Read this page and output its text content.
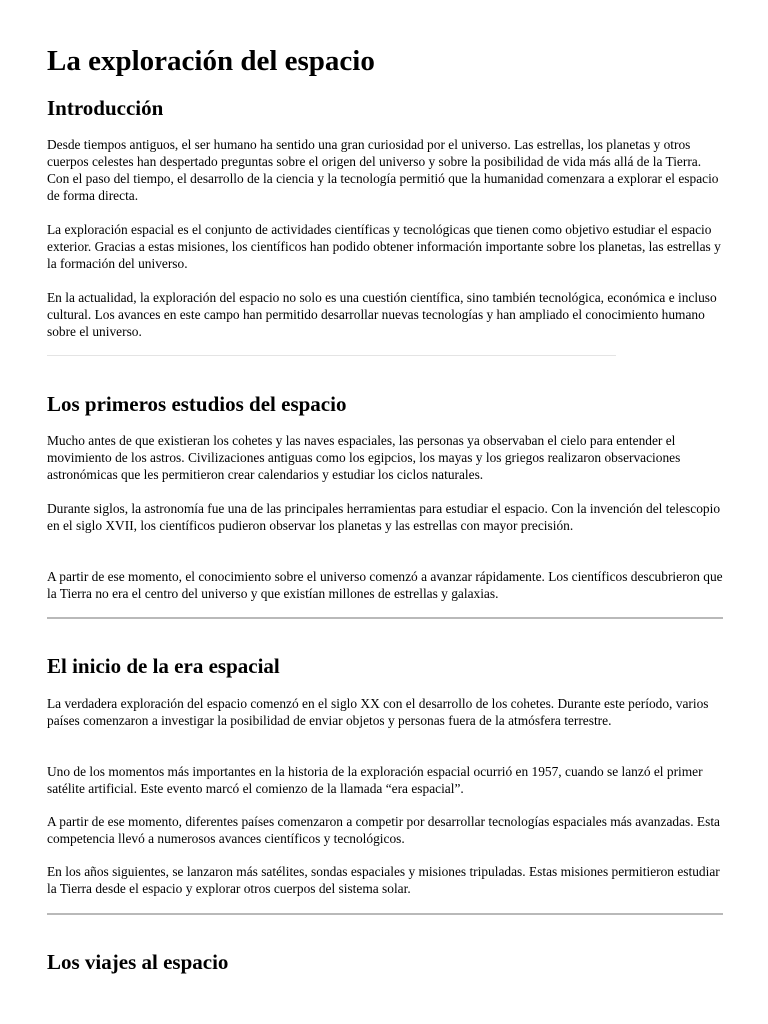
La exploración del espacio
Introducción

Desde tiempos antiguos, el ser humano ha sentido una gran curiosidad por el universo. Las estrellas, los planetas y otros cuerpos celestes han despertado preguntas sobre el origen del universo y sobre la posibilidad de vida más allá de la Tierra. Con el paso del tiempo, el desarrollo de la ciencia y la tecnología permitió que la humanidad comenzara a explorar el espacio de forma directa.

La exploración espacial es el conjunto de actividades científicas y tecnológicas que tienen como objetivo estudiar el espacio exterior. Gracias a estas misiones, los científicos han podido obtener información importante sobre los planetas, las estrellas y la formación del universo.

En la actualidad, la exploración del espacio no solo es una cuestión científica, sino también tecnológica, económica e incluso cultural. Los avances en este campo han permitido desarrollar nuevas tecnologías y han ampliado el conocimiento humano sobre el universo.

Los primeros estudios del espacio

Mucho antes de que existieran los cohetes y las naves espaciales, las personas ya observaban el cielo para entender el movimiento de los astros. Civilizaciones antiguas como los egipcios, los mayas y los griegos realizaron observaciones astronómicas que les permitieron crear calendarios y estudiar los ciclos naturales.

Durante siglos, la astronomía fue una de las principales herramientas para estudiar el espacio. Con la invención del telescopio en el siglo XVII, los científicos pudieron observar los planetas y las estrellas con mayor precisión.

A partir de ese momento, el conocimiento sobre el universo comenzó a avanzar rápidamente. Los científicos descubrieron que la Tierra no era el centro del universo y que existían millones de estrellas y galaxias.

El inicio de la era espacial

La verdadera exploración del espacio comenzó en el siglo XX con el desarrollo de los cohetes. Durante este período, varios países comenzaron a investigar la posibilidad de enviar objetos y personas fuera de la atmósfera terrestre.

Uno de los momentos más importantes en la historia de la exploración espacial ocurrió en 1957, cuando se lanzó el primer satélite artificial. Este evento marcó el comienzo de la llamada “era espacial”.

A partir de ese momento, diferentes países comenzaron a competir por desarrollar tecnologías espaciales más avanzadas. Esta competencia llevó a numerosos avances científicos y tecnológicos.

En los años siguientes, se lanzaron más satélites, sondas espaciales y misiones tripuladas. Estas misiones permitieron estudiar la Tierra desde el espacio y explorar otros cuerpos del sistema solar.

Los viajes al espacio
